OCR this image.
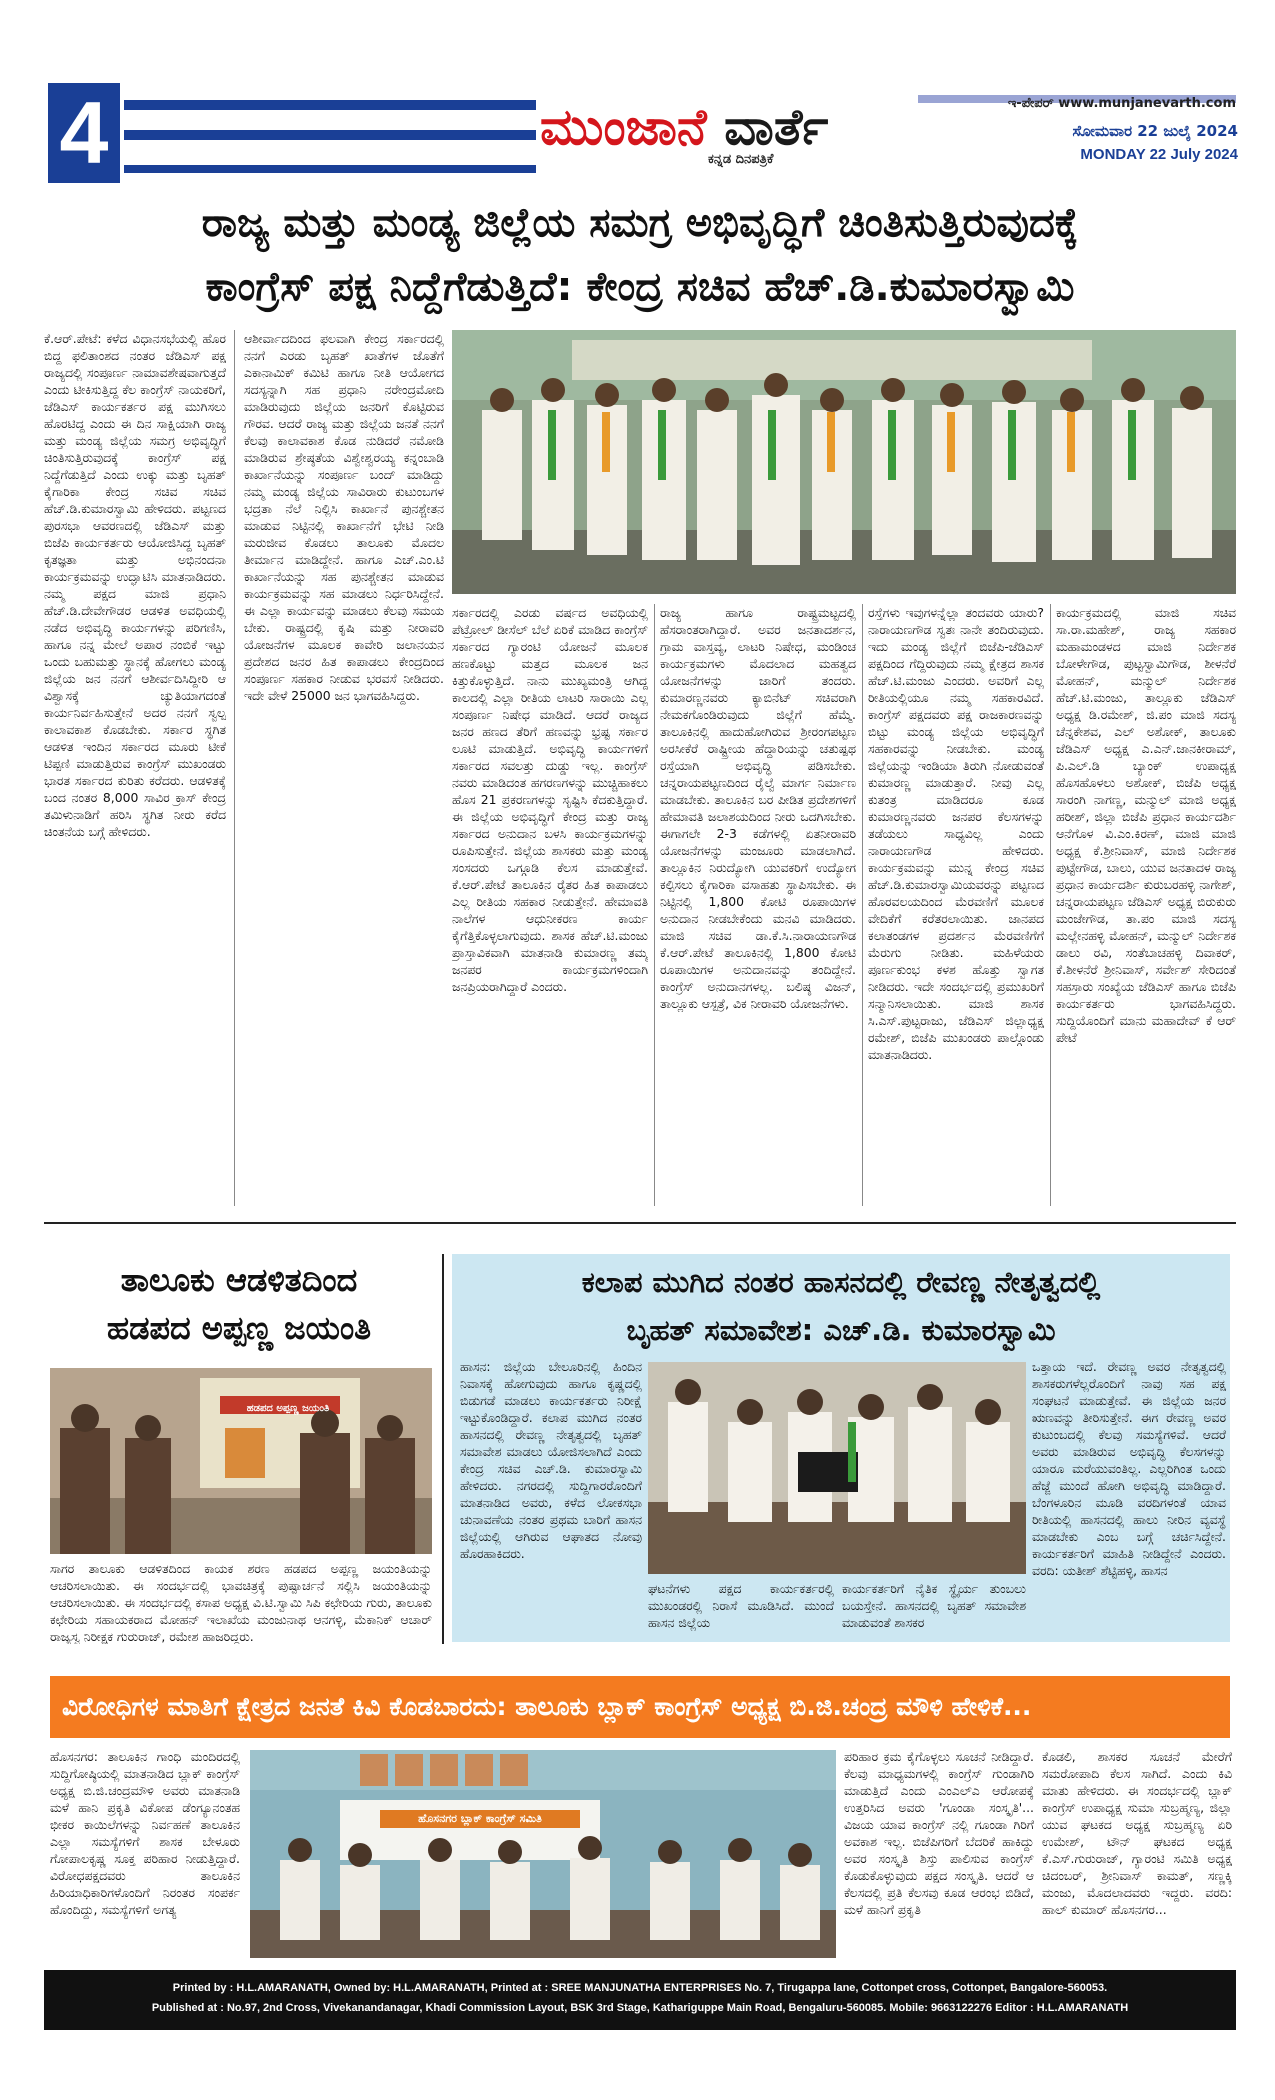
4	ಮುಂಜಾನೆ ವಾರ್ತೆ
ಕನ್ನಡ ದಿನಪತ್ರಿಕೆ
ಇ-ಪೇಪರ್ www.munjanevarth.com
ಸೋಮವಾರ 22 ಜುಲೈ 2024
MONDAY 22 July 2024
ರಾಜ್ಯ ಮತ್ತು ಮಂಡ್ಯ ಜಿಲ್ಲೆಯ ಸಮಗ್ರ ಅಭಿವೃದ್ಧಿಗೆ ಚಿಂತಿಸುತ್ತಿರುವುದಕ್ಕೆ
ಕಾಂಗ್ರೆಸ್ ಪಕ್ಷ ನಿದ್ದೆಗೆಡುತ್ತಿದೆ: ಕೇಂದ್ರ ಸಚಿವ ಹೆಚ್.ಡಿ.ಕುಮಾರಸ್ವಾಮಿ
ಕೆ.ಆರ್.ಪೇಟೆ: ಕಳೆದ ವಿಧಾನಸಭೆಯಲ್ಲಿ ಹೊರ ಬಿದ್ದ ಫಲಿತಾಂಶದ ನಂತರ ಜೆಡಿಎಸ್ ಪಕ್ಷ ರಾಜ್ಯದಲ್ಲಿ ಸಂಪೂರ್ಣ ನಾಮಾವಶೇಷವಾಗುತ್ತದೆ ಎಂದು ಟೀಕಿಸುತ್ತಿದ್ದ ಕೆಲ ಕಾಂಗ್ರೆಸ್ ನಾಯಕರಿಗೆ, ಜೆಡಿಎಸ್ ಕಾರ್ಯಕರ್ತರ ಪಕ್ಷ ಮುಗಿಸಲು ಹೊರಟಿದ್ದ ಎಂದು ಈ ದಿನ ಸಾಕ್ಷಿಯಾಗಿ ರಾಜ್ಯ ಮತ್ತು ಮಂಡ್ಯ ಜಿಲ್ಲೆಯ ಸಮಗ್ರ ಅಭಿವೃದ್ಧಿಗೆ ಚಿಂತಿಸುತ್ತಿರುವುದಕ್ಕೆ ಕಾಂಗ್ರೆಸ್ ಪಕ್ಷ ನಿದ್ದೆಗೆಡುತ್ತಿದೆ ಎಂದು ಉಕ್ಕು ಮತ್ತು ಬೃಹತ್ ಕೈಗಾರಿಕಾ ಕೇಂದ್ರ ಸಚಿವ ಸಚಿವ ಹೆಚ್.ಡಿ.ಕುಮಾರಸ್ವಾಮಿ ಹೇಳಿದರು. ಪಟ್ಟಣದ ಪುರಸಭಾ ಆವರಣದಲ್ಲಿ ಜೆಡಿಎಸ್ ಮತ್ತು ಬಿಜೆಪಿ ಕಾರ್ಯಕರ್ತರು ಆಯೋಜಿಸಿದ್ದ ಬೃಹತ್ ಕೃತಜ್ಞತಾ ಮತ್ತು ಅಭಿನಂದನಾ ಕಾರ್ಯಕ್ರಮವನ್ನು ಉದ್ಘಾಟಿಸಿ ಮಾತನಾಡಿದರು. ನಮ್ಮ ಪಕ್ಷದ ಮಾಜಿ ಪ್ರಧಾನಿ ಹೆಚ್.ಡಿ.ದೇವೇಗೌಡರ ಆಡಳಿತ ಅವಧಿಯಲ್ಲಿ ನಡೆದ ಅಭಿವೃದ್ಧಿ ಕಾರ್ಯಗಳನ್ನು ಪರಿಗಣಿಸಿ, ಹಾಗೂ ನನ್ನ ಮೇಲೆ ಅಪಾರ ನಂಬಿಕೆ ಇಟ್ಟು ಒಂದು ಬಹುಮತ್ತು ಸ್ಥಾನಕ್ಕೆ ಹೋಗಲು ಮಂಡ್ಯ ಜಿಲ್ಲೆಯ ಜನ ನನಗೆ ಆಶೀರ್ವದಿಸಿದ್ದೀರಿ ಆ ವಿಶ್ವಾಸಕ್ಕೆ ಚ್ಯುತಿಯಾಗದಂತೆ ಕಾರ್ಯನಿರ್ವಹಿಸುತ್ತೇನೆ ಅದರ ನನಗೆ ಸ್ವಲ್ಪ ಕಾಲಾವಕಾಶ ಕೊಡಬೇಕು. ಸರ್ಕಾರ ಸ್ಥಗಿತ ಆಡಳಿತ ಇಂದಿನ ಸರ್ಕಾರದ ಮೂರು ಟೀಕೆ ಟಿಪ್ಪಣಿ ಮಾಡುತ್ತಿರುವ ಕಾಂಗ್ರೆಸ್ ಮುಖಂಡರು ಭಾರತ ಸರ್ಕಾರದ ಕುರಿತು ಕರೆದರು. ಆಡಳಿತಕ್ಕೆ ಬಂದ ನಂತರ 8,000 ಸಾವಿರ ಕ್ರಾಸ್ ಕೇಂದ್ರ ತಮಿಳುನಾಡಿಗೆ ಹರಿಸಿ ಸ್ಥಗಿತ ನೀರು ಕರೆದ ಚಿಂತನೆಯ ಬಗ್ಗೆ ಹೇಳಿದರು.
ಆಶೀರ್ವಾದದಿಂದ ಫಲವಾಗಿ ಕೇಂದ್ರ ಸರ್ಕಾರದಲ್ಲಿ ನನಗೆ ಎರಡು ಬೃಹತ್ ಖಾತೆಗಳ ಜೊತೆಗೆ ಎಕಾನಾಮಿಕ್ ಕಮಿಟಿ ಹಾಗೂ ನೀತಿ ಆಯೋಗದ ಸದಸ್ಯನ್ನಾಗಿ ಸಹ ಪ್ರಧಾನಿ ನರೇಂದ್ರಮೋದಿ ಮಾಡಿರುವುದು ಜಿಲ್ಲೆಯ ಜನರಿಗೆ ಕೊಟ್ಟಿರುವ ಗೌರವ. ಆದರೆ ರಾಜ್ಯ ಮತ್ತು ಜಿಲ್ಲೆಯ ಜನತೆ ನನಗೆ ಕೆಲವು ಕಾಲಾವಕಾಶ ಕೊಡ ನುಡಿದರೆ ನಮೋಡಿ ಮಾಡಿರುವ ಶ್ರೇಷ್ಠತೆಯ ವಿಶ್ವೇಶ್ವರಯ್ಯ ಕನ್ನಂಬಾಡಿ ಕಾರ್ಖಾನೆಯನ್ನು ಸಂಪೂರ್ಣ ಬಂದ್ ಮಾಡಿದ್ದು ನಮ್ಮ ಮಂಡ್ಯ ಜಿಲ್ಲೆಯ ಸಾವಿರಾರು ಕುಟುಂಬಗಳ ಭದ್ರತಾ ನೆಲೆ ನಿಲ್ಲಿಸಿ ಕಾರ್ಖಾನೆ ಪುನಶ್ಚೇತನ ಮಾಡುವ ನಿಟ್ಟಿನಲ್ಲಿ ಕಾರ್ಖಾನೆಗೆ ಭೇಟಿ ನೀಡಿ ಮರುಜೀವ ಕೊಡಲು ತಾಲೂಕು ಮೊದಲ ತೀರ್ಮಾನ ಮಾಡಿದ್ದೇನೆ. ಹಾಗೂ ಎಚ್.ಎಂ.ಟಿ ಕಾರ್ಖಾನೆಯನ್ನು ಸಹ ಪುನಶ್ಚೇತನ ಮಾಡುವ ಕಾರ್ಯಕ್ರಮವನ್ನು ಸಹ ಮಾಡಲು ನಿರ್ಧರಿಸಿದ್ದೇನೆ. ಈ ಎಲ್ಲಾ ಕಾರ್ಯವನ್ನು ಮಾಡಲು ಕೆಲವು ಸಮಯ ಬೇಕು. ರಾಷ್ಟ್ರದಲ್ಲಿ ಕೃಷಿ ಮತ್ತು ನೀರಾವರಿ ಯೋಜನೆಗಳ ಮೂಲಕ ಕಾವೇರಿ ಜಲಾನಯನ ಪ್ರದೇಶದ ಜನರ ಹಿತ ಕಾಪಾಡಲು ಕೇಂದ್ರದಿಂದ ಸಂಪೂರ್ಣ ಸಹಕಾರ ನೀಡುವ ಭರವಸೆ ನೀಡಿದರು. ಇದೇ ವೇಳೆ 25000 ಜನ ಭಾಗವಹಿಸಿದ್ದರು.
ಸರ್ಕಾರದಲ್ಲಿ ಎರಡು ವರ್ಷದ ಅವಧಿಯಲ್ಲಿ ಪೆಟ್ರೋಲ್ ಡೀಸೆಲ್ ಬೆಲೆ ಏರಿಕೆ ಮಾಡಿದ ಕಾಂಗ್ರೆಸ್ ಸರ್ಕಾರದ ಗ್ಯಾರಂಟಿ ಯೋಜನೆ ಮೂಲಕ ಹಣಕೊಟ್ಟು ಮತ್ತದ ಮೂಲಕ ಜನ ಕಿತ್ತುಕೊಳ್ಳುತ್ತಿದೆ. ನಾನು ಮುಖ್ಯಮಂತ್ರಿ ಆಗಿದ್ದ ಕಾಲದಲ್ಲಿ ಎಲ್ಲಾ ರೀತಿಯ ಲಾಟರಿ ಸಾರಾಯಿ ಎಲ್ಲ ಸಂಪೂರ್ಣ ನಿಷೇಧ ಮಾಡಿದೆ. ಆದರೆ ರಾಜ್ಯದ ಜನರ ಹಣದ ತೆರಿಗೆ ಹಣವನ್ನು ಭ್ರಷ್ಟ ಸರ್ಕಾರ ಲೂಟಿ ಮಾಡುತ್ತಿದೆ. ಅಭಿವೃದ್ಧಿ ಕಾರ್ಯಗಳಿಗೆ ಸರ್ಕಾರದ ಸವಲತ್ತು ದುಡ್ಡು ಇಲ್ಲ. ಕಾಂಗ್ರೆಸ್ ನವರು ಮಾಡಿದಂತ ಹಗರಣಗಳನ್ನು ಮುಚ್ಚಿಹಾಕಲು ಹೊಸ 21 ಪ್ರಕರಣಗಳನ್ನು ಸೃಷ್ಟಿಸಿ ಕೆದಕುತ್ತಿದ್ದಾರೆ. ಈ ಜಿಲ್ಲೆಯ ಅಭಿವೃದ್ಧಿಗೆ ಕೇಂದ್ರ ಮತ್ತು ರಾಜ್ಯ ಸರ್ಕಾರದ ಅನುದಾನ ಬಳಸಿ ಕಾರ್ಯಕ್ರಮಗಳನ್ನು ರೂಪಿಸುತ್ತೇನೆ. ಜಿಲ್ಲೆಯ ಶಾಸಕರು ಮತ್ತು ಮಂಡ್ಯ ಸಂಸದರು ಒಗ್ಗೂಡಿ ಕೆಲಸ ಮಾಡುತ್ತೇವೆ. ಕೆ.ಆರ್.ಪೇಟೆ ತಾಲೂಕಿನ ರೈತರ ಹಿತ ಕಾಪಾಡಲು ಎಲ್ಲ ರೀತಿಯ ಸಹಕಾರ ನೀಡುತ್ತೇನೆ. ಹೇಮಾವತಿ ನಾಲೆಗಳ ಆಧುನೀಕರಣ ಕಾರ್ಯ ಕೈಗೆತ್ತಿಕೊಳ್ಳಲಾಗುವುದು. ಶಾಸಕ ಹೆಚ್.ಟಿ.ಮಂಜು ಪ್ರಾಸ್ತಾವಿಕವಾಗಿ ಮಾತನಾಡಿ ಕುಮಾರಣ್ಣ ತಮ್ಮ ಜನಪರ ಕಾರ್ಯಕ್ರಮಗಳಿಂದಾಗಿ ಜನಪ್ರಿಯರಾಗಿದ್ದಾರೆ ಎಂದರು.
ರಾಜ್ಯ ಹಾಗೂ ರಾಷ್ಟ್ರಮಟ್ಟದಲ್ಲಿ ಹೆಸರಾಂತರಾಗಿದ್ದಾರೆ. ಅವರ ಜನತಾದರ್ಶನ, ಗ್ರಾಮ ವಾಸ್ತವ್ಯ, ಲಾಟರಿ ನಿಷೇಧ, ಮಂಡಿಂಚ ಕಾರ್ಯಕ್ರಮಗಳು ಮೊದಲಾದ ಮಹತ್ವದ ಯೋಜನೆಗಳನ್ನು ಜಾರಿಗೆ ತಂದರು. ಕುಮಾರಣ್ಣನವರು ಕ್ಯಾಬಿನೆಟ್ ಸಚಿವರಾಗಿ ನೇಮಕಗೊಂಡಿರುವುದು ಜಿಲ್ಲೆಗೆ ಹೆಮ್ಮೆ. ತಾಲೂಕಿನಲ್ಲಿ ಹಾದುಹೋಗಿರುವ ಶ್ರೀರಂಗಪಟ್ಟಣ ಅರಸೀಕೆರೆ ರಾಷ್ಟ್ರೀಯ ಹೆದ್ದಾರಿಯನ್ನು ಚತುಷ್ಪಥ ರಸ್ತೆಯಾಗಿ ಅಭಿವೃದ್ಧಿ ಪಡಿಸಬೇಕು. ಚನ್ನರಾಯಪಟ್ಟಣದಿಂದ ರೈಲ್ವೆ ಮಾರ್ಗ ನಿರ್ಮಾಣ ಮಾಡಬೇಕು. ತಾಲೂಕಿನ ಬರ ಪೀಡಿತ ಪ್ರದೇಶಗಳಿಗೆ ಹೇಮಾವತಿ ಜಲಾಶಯದಿಂದ ನೀರು ಒದಗಿಸಬೇಕು. ಈಗಾಗಲೇ 2-3 ಕಡೆಗಳಲ್ಲಿ ಏತನೀರಾವರಿ ಯೋಜನೆಗಳನ್ನು ಮಂಜೂರು ಮಾಡಲಾಗಿದೆ. ತಾಲ್ಲೂಕಿನ ನಿರುದ್ಯೋಗಿ ಯುವಕರಿಗೆ ಉದ್ಯೋಗ ಕಲ್ಪಿಸಲು ಕೈಗಾರಿಕಾ ವಸಾಹತು ಸ್ಥಾಪಿಸಬೇಕು. ಈ ನಿಟ್ಟಿನಲ್ಲಿ 1,800 ಕೋಟಿ ರೂಪಾಯಿಗಳ ಅನುದಾನ ನೀಡಬೇಕೆಂದು ಮನವಿ ಮಾಡಿದರು. ಮಾಜಿ ಸಚಿವ ಡಾ.ಕೆ.ಸಿ.ನಾರಾಯಣಗೌಡ ಕೆ.ಆರ್.ಪೇಟೆ ತಾಲೂಕಿನಲ್ಲಿ 1,800 ಕೋಟಿ ರೂಪಾಯಿಗಳ ಅನುದಾನವನ್ನು ತಂದಿದ್ದೇನೆ. ಕಾಂಗ್ರೆಸ್ ಅನುದಾನಗಳಲ್ಲ. ಬಲಿಷ್ಠ ವಿಜನ್, ತಾಲ್ಲೂಕು ಆಸ್ಪತ್ರೆ, ವಿಕ ನೀರಾವರಿ ಯೋಜನೆಗಳು.
ರಸ್ತೆಗಳು ಇವುಗಳನ್ನೆಲ್ಲಾ ತಂದವರು ಯಾರು? ನಾರಾಯಣಗೌಡ ಸ್ವತಃ ನಾನೇ ತಂದಿರುವುದು. ಇದು ಮಂಡ್ಯ ಜಿಲ್ಲೆಗೆ ಬಿಜೆಪಿ-ಜೆಡಿಎಸ್ ಪಕ್ಷದಿಂದ ಗೆದ್ದಿರುವುದು ನಮ್ಮ ಕ್ಷೇತ್ರದ ಶಾಸಕ ಹೆಚ್.ಟಿ.ಮಂಜು ಎಂದರು. ಅವರಿಗೆ ಎಲ್ಲ ರೀತಿಯಲ್ಲಿಯೂ ನಮ್ಮ ಸಹಕಾರವಿದೆ. ಕಾಂಗ್ರೆಸ್ ಪಕ್ಷದವರು ಪಕ್ಷ ರಾಜಕಾರಣವನ್ನು ಬಿಟ್ಟು ಮಂಡ್ಯ ಜಿಲ್ಲೆಯ ಅಭಿವೃದ್ಧಿಗೆ ಸಹಕಾರವನ್ನು ನೀಡಬೇಕು. ಮಂಡ್ಯ ಜಿಲ್ಲೆಯನ್ನು ಇಂಡಿಯಾ ತಿರುಗಿ ನೋಡುವಂತೆ ಕುಮಾರಣ್ಣ ಮಾಡುತ್ತಾರೆ. ನೀವು ಎಲ್ಲ ಕುತಂತ್ರ ಮಾಡಿದರೂ ಕೂಡ ಕುಮಾರಣ್ಣನವರು ಜನಪರ ಕೆಲಸಗಳನ್ನು ತಡೆಯಲು ಸಾಧ್ಯವಿಲ್ಲ ಎಂದು ನಾರಾಯಣಗೌಡ ಹೇಳಿದರು. ಕಾರ್ಯಕ್ರಮವನ್ನು ಮುನ್ನ ಕೇಂದ್ರ ಸಚಿವ ಹೆಚ್.ಡಿ.ಕುಮಾರಸ್ವಾಮಿಯವರನ್ನು ಪಟ್ಟಣದ ಹೊರವಲಯದಿಂದ ಮೆರವಣಿಗೆ ಮೂಲಕ ವೇದಿಕೆಗೆ ಕರೆತರಲಾಯಿತು. ಜಾನಪದ ಕಲಾತಂಡಗಳ ಪ್ರದರ್ಶನ ಮೆರವಣಿಗೆಗೆ ಮೆರುಗು ನೀಡಿತು. ಮಹಿಳೆಯರು ಪೂರ್ಣಕುಂಭ ಕಳಶ ಹೊತ್ತು ಸ್ವಾಗತ ನೀಡಿದರು. ಇದೇ ಸಂದರ್ಭದಲ್ಲಿ ಪ್ರಮುಖರಿಗೆ ಸನ್ಮಾನಿಸಲಾಯಿತು. ಮಾಜಿ ಶಾಸಕ ಸಿ.ಎಸ್.ಪುಟ್ಟರಾಜು, ಜೆಡಿಎಸ್ ಜಿಲ್ಲಾಧ್ಯಕ್ಷ ರಮೇಶ್, ಬಿಜೆಪಿ ಮುಖಂಡರು ಪಾಲ್ಗೊಂಡು ಮಾತನಾಡಿದರು.
ಕಾರ್ಯಕ್ರಮದಲ್ಲಿ ಮಾಜಿ ಸಚಿವ ಸಾ.ರಾ.ಮಹೇಶ್, ರಾಜ್ಯ ಸಹಕಾರ ಮಹಾಮಂಡಳದ ಮಾಜಿ ನಿರ್ದೇಶಕ ಬೋಳೇಗೌಡ, ಪುಟ್ಟಸ್ವಾಮಿಗೌಡ, ಶೀಳನೆರೆ ಮೋಹನ್, ಮನ್ಮುಲ್ ನಿರ್ದೇಶಕ ಹೆಚ್.ಟಿ.ಮಂಜು, ತಾಲ್ಲೂಕು ಜೆಡಿಎಸ್ ಅಧ್ಯಕ್ಷ ಡಿ.ರಮೇಶ್, ಜಿ.ಪಂ ಮಾಜಿ ಸದಸ್ಯ ಚೆನ್ನಕೇಶವ, ಎಲ್ ಅಶೋಕ್, ತಾಲೂಕು ಜೆಡಿಎಸ್ ಅಧ್ಯಕ್ಷ ಎ.ಎನ್.ಜಾನಕೀರಾಮ್, ಪಿ.ಎಲ್.ಡಿ ಬ್ಯಾಂಕ್ ಉಪಾಧ್ಯಕ್ಷ ಹೊಸಹೊಳಲು ಅಶೋಕ್, ಬಿಜೆಪಿ ಅಧ್ಯಕ್ಷ ಸಾರಂಗಿ ನಾಗಣ್ಣ, ಮನ್ಮುಲ್ ಮಾಜಿ ಅಧ್ಯಕ್ಷ ಹರೀಶ್, ಜಿಲ್ಲಾ ಬಿಜೆಪಿ ಪ್ರಧಾನ ಕಾರ್ಯದರ್ಶಿ ಆನೆಗೊಳ ವಿ.ಎಂ.ಕಿರಣ್, ಮಾಜಿ ಮಾಜಿ ಅಧ್ಯಕ್ಷ ಕೆ.ಶ್ರೀನಿವಾಸ್, ಮಾಜಿ ನಿರ್ದೇಶಕ ಪುಟ್ಟೇಗೌಡ, ಬಾಲು, ಯುವ ಜನತಾದಳ ರಾಜ್ಯ ಪ್ರಧಾನ ಕಾರ್ಯದರ್ಶಿ ಕುರುಬರಹಳ್ಳಿ ನಾಗೇಶ್, ಚನ್ನರಾಯಪಟ್ಟಣ ಜೆಡಿಎಸ್ ಅಧ್ಯಕ್ಷ ಬಿರುಕುರು ಮಂಜೇಗೌಡ, ತಾ.ಪಂ ಮಾಜಿ ಸದಸ್ಯ ಮಲ್ಲೇನಹಳ್ಳಿ ಮೋಹನ್, ಮನ್ಮುಲ್ ನಿರ್ದೇಶಕ ಡಾಲು ರವಿ, ಸಂತೆಬಾಚಹಳ್ಳಿ ದಿವಾಕರ್, ಕೆ.ಶೀಳನೆರೆ ಶ್ರೀನಿವಾಸ್, ಸರ್ವೇಶ್ ಸೇರಿದಂತೆ ಸಹಸ್ರಾರು ಸಂಖ್ಯೆಯ ಜೆಡಿಎಸ್ ಹಾಗೂ ಬಿಜೆಪಿ ಕಾರ್ಯಕರ್ತರು ಭಾಗವಹಿಸಿದ್ದರು. ಸುದ್ದಿಯೊಂದಿಗೆ ಮಾನು ಮಹಾದೇವ್ ಕೆ ಆರ್ ಪೇಟೆ
ತಾಲೂಕು ಆಡಳಿತದಿಂದ
ಹಡಪದ ಅಪ್ಪಣ್ಣ ಜಯಂತಿ
ಹಡಪದ ಅಪ್ಪಣ್ಣ ಜಯಂತಿ
ಸಾಗರ ತಾಲೂಕು ಆಡಳಿತದಿಂದ ಕಾಯಕ ಶರಣ ಹಡಪದ ಅಪ್ಪಣ್ಣ ಜಯಂತಿಯನ್ನು ಆಚರಿಸಲಾಯಿತು. ಈ ಸಂದರ್ಭದಲ್ಲಿ ಭಾವಚಿತ್ರಕ್ಕೆ ಪುಷ್ಪಾರ್ಚನೆ ಸಲ್ಲಿಸಿ ಜಯಂತಿಯನ್ನು ಆಚರಿಸಲಾಯಿತು. ಈ ಸಂದರ್ಭದಲ್ಲಿ ಕಸಾಪ ಅಧ್ಯಕ್ಷ ವಿ.ಟಿ.ಸ್ವಾಮಿ ಸಿಪಿ ಕಛೇರಿಯ ಗುರು, ತಾಲೂಕು ಕಛೇರಿಯ ಸಹಾಯಕರಾದ ಮೋಹನ್ ಇಲಾಖೆಯ ಮಂಜುನಾಥ ಆನಗಳ್ಳಿ, ಮೆಕಾನಿಕ್ ಆಚಾರ್ ರಾಜ್ಯಸ್ವ ನಿರೀಕ್ಷಕ ಗುರುರಾಜ್, ರಮೇಶ ಹಾಜರಿದ್ದರು.
ಕಲಾಪ ಮುಗಿದ ನಂತರ ಹಾಸನದಲ್ಲಿ ರೇವಣ್ಣ ನೇತೃತ್ವದಲ್ಲಿ
ಬೃಹತ್ ಸಮಾವೇಶ: ಎಚ್.ಡಿ. ಕುಮಾರಸ್ವಾಮಿ
ಹಾಸನ: ಜಿಲ್ಲೆಯ ಬೇಲೂರಿನಲ್ಲಿ ಹಿಂದಿನ ನಿವಾಸಕ್ಕೆ ಹೋಗುವುದು ಹಾಗೂ ಕೃಷ್ಣದಲ್ಲಿ ಬಿಡುಗಡೆ ಮಾಡಲು ಕಾರ್ಯಕರ್ತರು ನಿರೀಕ್ಷೆ ಇಟ್ಟುಕೊಂಡಿದ್ದಾರೆ. ಕಲಾಪ ಮುಗಿದ ನಂತರ ಹಾಸನದಲ್ಲಿ ರೇವಣ್ಣ ನೇತೃತ್ವದಲ್ಲಿ ಬೃಹತ್ ಸಮಾವೇಶ ಮಾಡಲು ಯೋಜಿಸಲಾಗಿದೆ ಎಂದು ಕೇಂದ್ರ ಸಚಿವ ಎಚ್.ಡಿ. ಕುಮಾರಸ್ವಾಮಿ ಹೇಳಿದರು. ನಗರದಲ್ಲಿ ಸುದ್ದಿಗಾರರೊಂದಿಗೆ ಮಾತನಾಡಿದ ಅವರು, ಕಳೆದ ಲೋಕಸಭಾ ಚುನಾವಣೆಯ ನಂತರ ಪ್ರಥಮ ಬಾರಿಗೆ ಹಾಸನ ಜಿಲ್ಲೆಯಲ್ಲಿ ಆಗಿರುವ ಆಘಾತದ ನೋವು ಹೊರಹಾಕಿದರು.
ಘಟನೆಗಳು ಪಕ್ಷದ ಕಾರ್ಯಕರ್ತರಲ್ಲಿ ಮುಖಂಡರಲ್ಲಿ ನಿರಾಸೆ ಮೂಡಿಸಿದೆ. ಮುಂದೆ ಹಾಸನ ಜಿಲ್ಲೆಯ
ಕಾರ್ಯಕರ್ತರಿಗೆ ನೈತಿಕ ಸ್ಥೈರ್ಯ ತುಂಬಲು ಬಯಸ್ತೇನೆ. ಹಾಸನದಲ್ಲಿ ಬೃಹತ್ ಸಮಾವೇಶ ಮಾಡುವಂತೆ ಶಾಸಕರ
ಒತ್ತಾಯ ಇದೆ. ರೇವಣ್ಣ ಅವರ ನೇತೃತ್ವದಲ್ಲಿ ಶಾಸಕರುಗಳೆಲ್ಲರೊಂದಿಗೆ ನಾವು ಸಹ ಪಕ್ಷ ಸಂಘಟನೆ ಮಾಡುತ್ತೇವೆ. ಈ ಜಿಲ್ಲೆಯ ಜನರ ಋಣವನ್ನು ತೀರಿಸುತ್ತೇನೆ. ಈಗ ರೇವಣ್ಣ ಅವರ ಕುಟುಂಬದಲ್ಲಿ ಕೆಲವು ಸಮಸ್ಯೆಗಳಿವೆ. ಆದರೆ ಅವರು ಮಾಡಿರುವ ಅಭಿವೃದ್ಧಿ ಕೆಲಸಗಳನ್ನು ಯಾರೂ ಮರೆಯುವಂತಿಲ್ಲ. ಎಲ್ಲರಿಗಿಂತ ಒಂದು ಹೆಜ್ಜೆ ಮುಂದೆ ಹೋಗಿ ಅಭಿವೃದ್ಧಿ ಮಾಡಿದ್ದಾರೆ. ಬೆಂಗಳೂರಿನ ಮೂಡಿ ವರದಿಗಳಂತೆ ಯಾವ ರೀತಿಯಲ್ಲಿ ಹಾಸನದಲ್ಲಿ ಹಾಲು ನೀರಿನ ವ್ಯವಸ್ಥೆ ಮಾಡಬೇಕು ಎಂಬ ಬಗ್ಗೆ ಚರ್ಚಿಸಿದ್ದೇನೆ. ಕಾರ್ಯಕರ್ತರಿಗೆ ಮಾಹಿತಿ ನೀಡಿದ್ದೇನೆ ಎಂದರು. ವರದಿ: ಯತೀಶ್ ಶೆಟ್ಟಿಹಳ್ಳಿ, ಹಾಸನ
ವಿರೋಧಿಗಳ ಮಾತಿಗೆ ಕ್ಷೇತ್ರದ ಜನತೆ ಕಿವಿ ಕೊಡಬಾರದು: ತಾಲೂಕು ಬ್ಲಾಕ್ ಕಾಂಗ್ರೆಸ್ ಅಧ್ಯಕ್ಷ ಬಿ.ಜಿ.ಚಂದ್ರ ಮೌಳಿ ಹೇಳಿಕೆ...
ಹೊಸನಗರ: ತಾಲೂಕಿನ ಗಾಂಧಿ ಮಂದಿರದಲ್ಲಿ ಸುದ್ದಿಗೋಷ್ಠಿಯಲ್ಲಿ ಮಾತನಾಡಿದ ಬ್ಲಾಕ್ ಕಾಂಗ್ರೆಸ್ ಅಧ್ಯಕ್ಷ ಬಿ.ಜಿ.ಚಂದ್ರಮೌಳಿ ಅವರು ಮಾತನಾಡಿ ಮಳೆ ಹಾನಿ ಪ್ರಕೃತಿ ವಿಕೋಪ ಡೆಂಗ್ಯೂನಂತಹ ಭೀಕರ ಕಾಯಿಲೆಗಳನ್ನು ನಿರ್ವಹಣೆ ತಾಲೂಕಿನ ಎಲ್ಲಾ ಸಮಸ್ಯೆಗಳಿಗೆ ಶಾಸಕ ಬೇಳೂರು ಗೋಪಾಲಕೃಷ್ಣ ಸೂಕ್ತ ಪರಿಹಾರ ನೀಡುತ್ತಿದ್ದಾರೆ. ವಿರೋಧಪಕ್ಷದವರು ತಾಲೂಕಿನ ಹಿರಿಯಾಧಿಕಾರಿಗಳೊಂದಿಗೆ ನಿರಂತರ ಸಂಪರ್ಕ ಹೊಂದಿದ್ದು, ಸಮಸ್ಯೆಗಳಿಗೆ ಅಗತ್ಯ
ಹೊಸನಗರ ಬ್ಲಾಕ್ ಕಾಂಗ್ರೆಸ್ ಸಮಿತಿ
ಪರಿಹಾರ ಕ್ರಮ ಕೈಗೊಳ್ಳಲು ಸೂಚನೆ ನೀಡಿದ್ದಾರೆ. ಕೆಲವು ಮಾಧ್ಯಮಗಳಲ್ಲಿ ಕಾಂಗ್ರೆಸ್ ಗುಂಡಾಗಿರಿ ಮಾಡುತ್ತಿದೆ ಎಂದು ಎಂಎಲ್ಎ ಆರೋಪಕ್ಕೆ ಉತ್ತರಿಸಿದ ಅವರು 'ಗೂಂಡಾ ಸಂಸ್ಕೃತಿ'... ವಿಜಯ ಯಾವ ಕಾಂಗ್ರೆಸ್ ನಲ್ಲಿ ಗೂಂಡಾ ಗಿರಿಗೆ ಅವಕಾಶ ಇಲ್ಲ. ಬಿಜೆಪಿಗರಿಗೆ ಬೆದರಿಕೆ ಹಾಕಿದ್ದು ಅವರ ಸಂಸ್ಕೃತಿ ಶಿಸ್ತು ಪಾಲಿಸುವ ಕಾಂಗ್ರೆಸ್ ಕೊಡುಕೊಳ್ಳುವುದು ಪಕ್ಷದ ಸಂಸ್ಕೃತಿ. ಆದರೆ ಆ ಕೆಲಸದಲ್ಲಿ ಪ್ರತಿ ಕೆಲಸವು ಕೂಡ ಆರಂಭ ಬಿಡಿದೆ, ಮಳೆ ಹಾನಿಗೆ ಪ್ರಕೃತಿ
ಕೊಡಲಿ, ಶಾಸಕರ ಸೂಚನೆ ಮೇರೆಗೆ ಸಮರೋಪಾದಿ ಕೆಲಸ ಸಾಗಿದೆ. ಎಂದು ಕಿವಿ ಮಾತು ಹೇಳಿದರು. ಈ ಸಂದರ್ಭದಲ್ಲಿ ಬ್ಲಾಕ್ ಕಾಂಗ್ರೆಸ್ ಉಪಾಧ್ಯಕ್ಷ ಸುಮಾ ಸುಬ್ರಹ್ಮಣ್ಯ, ಜಿಲ್ಲಾ ಯುವ ಘಟಕದ ಅಧ್ಯಕ್ಷ ಸುಬ್ರಹ್ಮಣ್ಯ ಏರಿ ಉಮೇಶ್, ಟೌನ್ ಘಟಕದ ಅಧ್ಯಕ್ಷ ಕೆ.ಎಸ್.ಗುರುರಾಜ್, ಗ್ಯಾರಂಟಿ ಸಮಿತಿ ಅಧ್ಯಕ್ಷ ಚಿದಂಬರ್, ಶ್ರೀನಿವಾಸ್ ಕಾಮತ್, ಸಣ್ಣಕ್ಕಿ ಮಂಜು, ಮೊದಲಾದವರು ಇದ್ದರು. ವರದಿ: ಹಾಲ್ ಕುಮಾರ್ ಹೊಸನಗರ...
Printed by : H.L.AMARANATH, Owned by: H.L.AMARANATH, Printed at : SREE MANJUNATHA ENTERPRISES No. 7, Tirugappa lane, Cottonpet cross, Cottonpet, Bangalore-560053.
Published at : No.97, 2nd Cross, Vivekanandanagar, Khadi Commission Layout, BSK 3rd Stage, Kathariguppe Main Road, Bengaluru-560085. Mobile: 9663122276 Editor : H.L.AMARANATH
